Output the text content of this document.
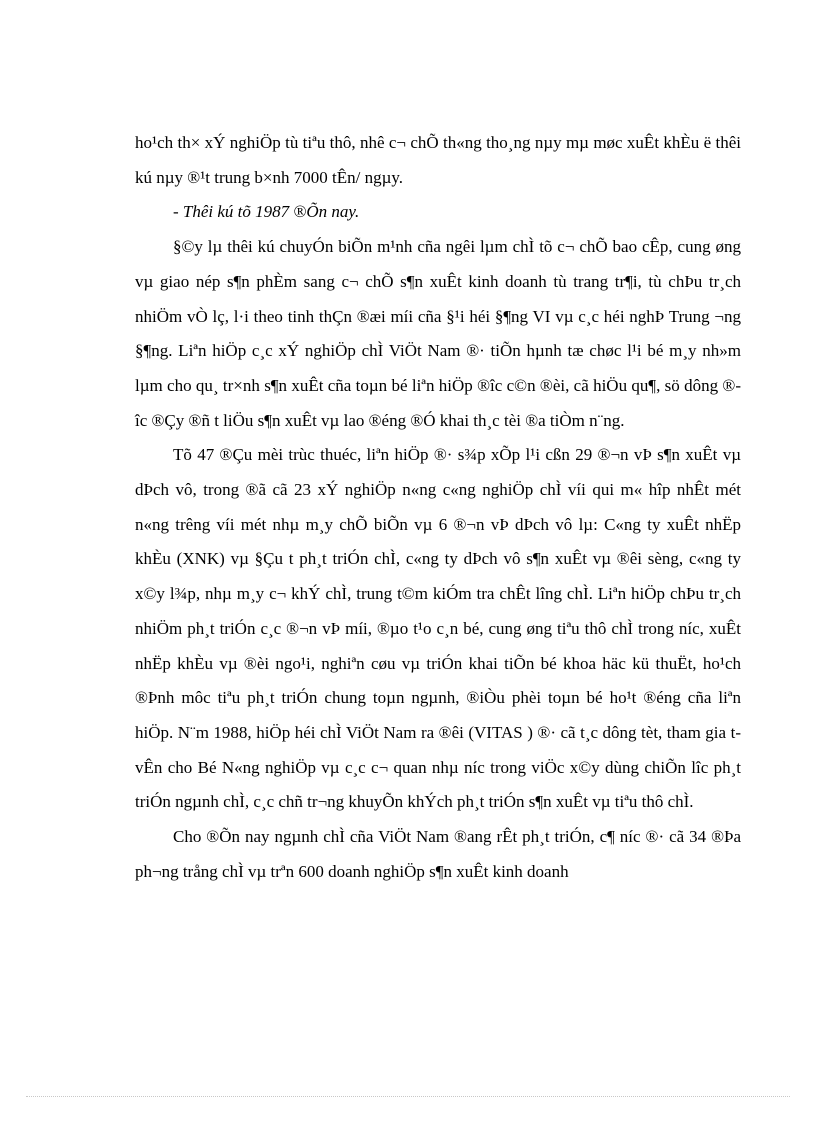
ho¹ch th× xÝ nghiÖp tù tiªu thô, nhê c¬ chÕ th«ng tho¸ng nµy mµ møc xuÊt khÈu ë thêi kú nµy ®¹t trung b×nh 7000 tÊn/ ngµy.

- Thêi kú tõ 1987 ®Õn nay.

§©y lµ thêi kú chuyÓn biÕn m¹nh cña ngêi lµm chÌ tõ c¬ chÕ bao cÊp, cung øng vµ giao nép s¶n phÈm sang c¬ chÕ s¶n xuÊt kinh doanh tù trang tr¶i, tù chÞu tr¸ch nhiÖm vÒ lç, l·i theo tinh thÇn ®æi míi cña §¹i héi §¶ng VI vµ c¸c héi nghÞ Trung ¬ng §¶ng. Liªn hiÖp c¸c xÝ nghiÖp chÌ ViÖt Nam ®· tiÕn hµnh tæ chøc l¹i bé m¸y nh»m lµm cho qu¸ tr×nh s¶n xuÊt cña toµn bé liªn hiÖp ®îc c©n ®èi, cã hiÖu qu¶, sö dông ®îc ®Çy ®ñ t liÖu s¶n xuÊt vµ lao ®éng ®Ó khai th¸c tèi ®a tiÒm n¨ng.

Tõ 47 ®Çu mèi trùc thuéc, liªn hiÖp ®· s¾p xÕp l¹i cßn 29 ®¬n vÞ s¶n xuÊt vµ dÞch vô, trong ®ã cã 23 xÝ nghiÖp n«ng c«ng nghiÖp chÌ víi qui m« hîp nhÊt mét n«ng trêng víi mét nhµ m¸y chÕ biÕn vµ 6 ®¬n vÞ dÞch vô lµ: C«ng ty xuÊt nhËp khÈu (XNK) vµ §Çu t ph¸t triÓn chÌ, c«ng ty dÞch vô s¶n xuÊt vµ ®êi sèng, c«ng ty x©y l¾p, nhµ m¸y c¬ khÝ chÌ, trung t©m kiÓm tra chÊt lîng chÌ. Liªn hiÖp chÞu tr¸ch nhiÖm ph¸t triÓn c¸c ®¬n vÞ míi, ®µo t¹o c¸n bé, cung øng tiªu thô chÌ trong níc, xuÊt nhËp khÈu vµ ®èi ngo¹i, nghiªn cøu vµ triÓn khai tiÕn bé khoa häc kü thuËt, ho¹ch ®Þnh môc tiªu ph¸t triÓn chung toµn ngµnh, ®iÒu phèi toµn bé ho¹t ®éng cña liªn hiÖp. N¨m 1988, hiÖp héi chÌ ViÖt Nam ra ®êi (VITAS ) ®· cã t¸c dông tèt, tham gia t vÊn cho Bé N«ng nghiÖp vµ c¸c c¬ quan nhµ níc trong viÖc x©y dùng chiÕn lîc ph¸t triÓn ngµnh chÌ, c¸c chñ tr¬ng khuyÕn khÝch ph¸t triÓn s¶n xuÊt vµ tiªu thô chÌ.

Cho ®Õn nay ngµnh chÌ cña ViÖt Nam ®ang rÊt ph¸t triÓn, c¶ níc ®· cã 34 ®Þa ph¬ng trång chÌ vµ trªn 600 doanh nghiÖp s¶n xuÊt kinh doanh
